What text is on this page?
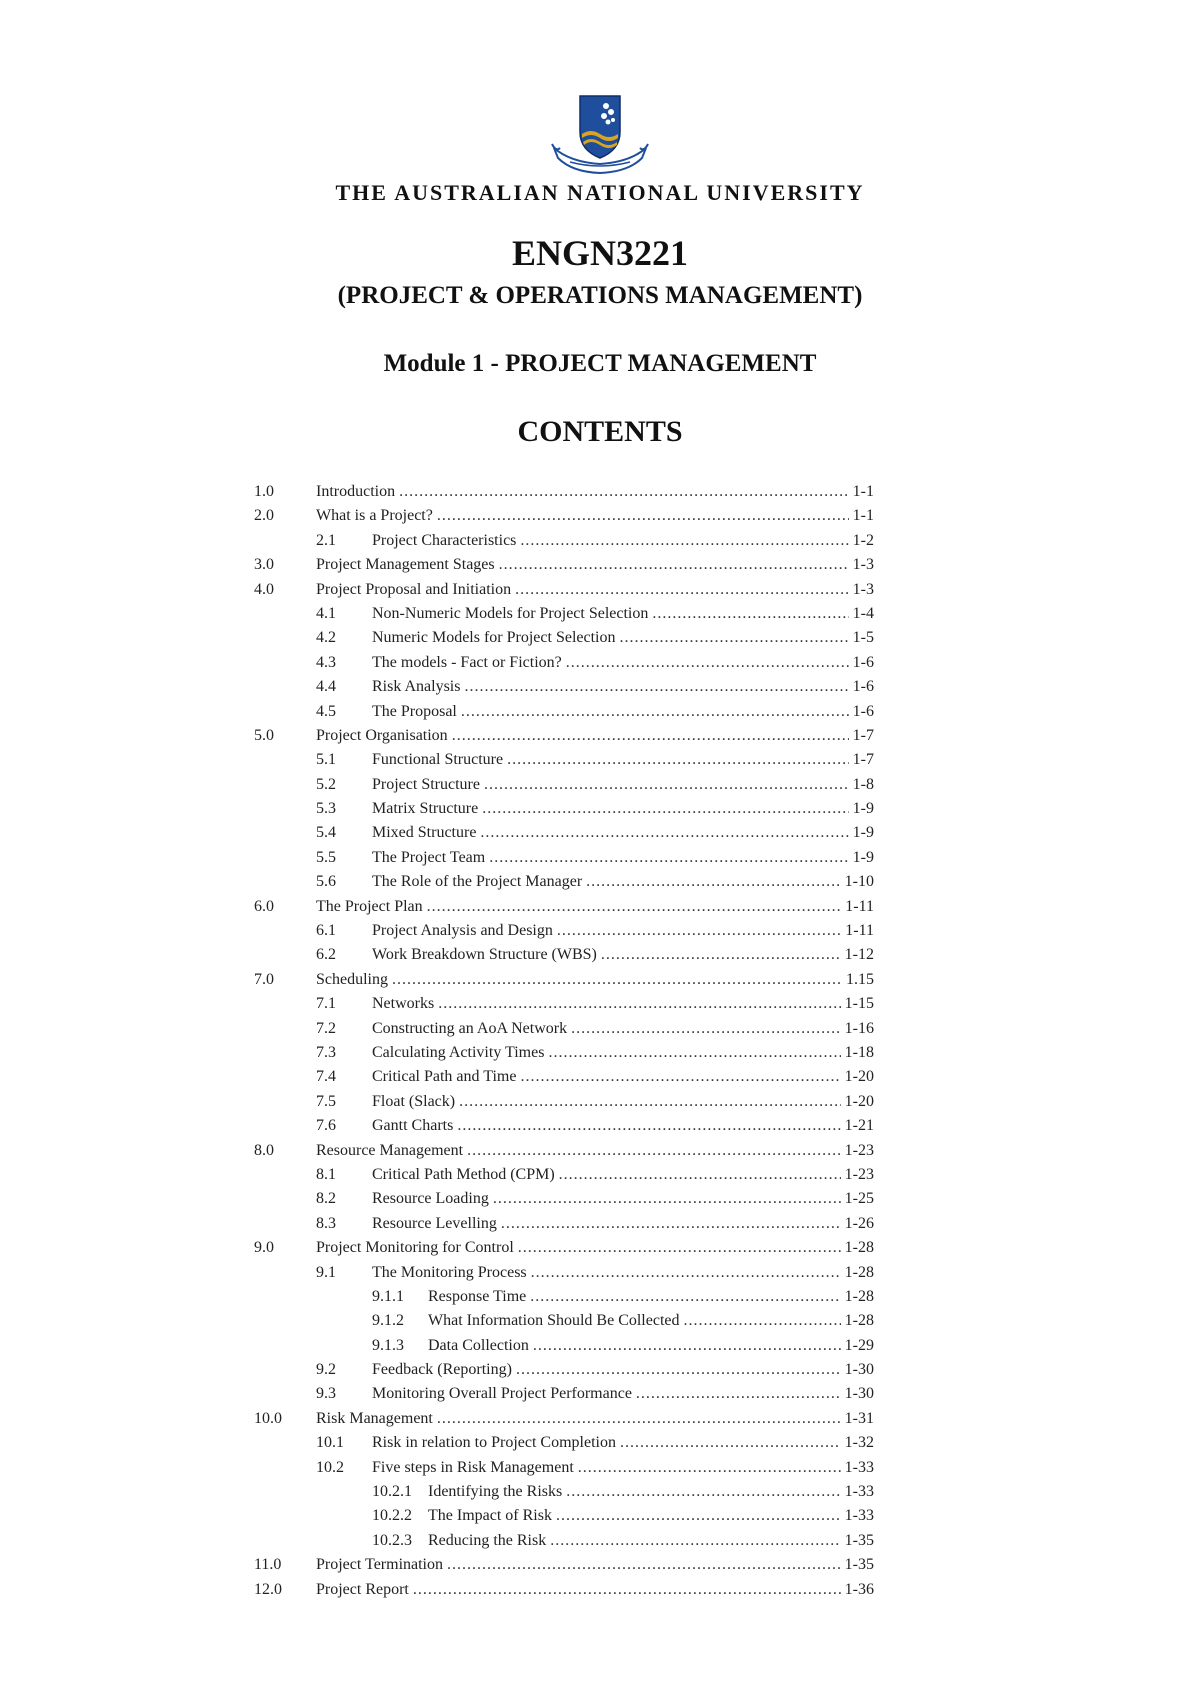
THE AUSTRALIAN NATIONAL UNIVERSITY
ENGN3221
(PROJECT & OPERATIONS MANAGEMENT)
Module 1 - PROJECT MANAGEMENT
CONTENTS
1.0	Introduction .....	1-1
2.0	What is a Project? .....	1-1
2.1 Project Characteristics .....	1-2
3.0	Project Management Stages .....	1-3
4.0	Project Proposal and Initiation .....	1-3
4.1 Non-Numeric Models for Project Selection .....	1-4
4.2 Numeric Models for Project Selection .....	1-5
4.3 The models - Fact or Fiction? .....	1-6
4.4 Risk Analysis .....	1-6
4.5 The Proposal .....	1-6
5.0	Project Organisation .....	1-7
5.1 Functional Structure .....	1-7
5.2 Project Structure .....	1-8
5.3 Matrix Structure .....	1-9
5.4 Mixed Structure .....	1-9
5.5 The Project Team .....	1-9
5.6 The Role of the Project Manager .....	1-10
6.0	The Project Plan .....	1-11
6.1 Project Analysis and Design .....	1-11
6.2 Work Breakdown Structure (WBS) .....	1-12
7.0	Scheduling .....	1.15
7.1 Networks .....	1-15
7.2 Constructing an AoA Network .....	1-16
7.3 Calculating Activity Times .....	1-18
7.4 Critical Path and Time .....	1-20
7.5 Float (Slack) .....	1-20
7.6 Gantt Charts .....	1-21
8.0	Resource Management .....	1-23
8.1 Critical Path Method (CPM) .....	1-23
8.2 Resource Loading .....	1-25
8.3 Resource Levelling .....	1-26
9.0	Project Monitoring for Control .....	1-28
9.1 The Monitoring Process .....	1-28
9.1.1 Response Time .....	1-28
9.1.2 What Information Should Be Collected .....	1-28
9.1.3 Data Collection .....	1-29
9.2 Feedback (Reporting) .....	1-30
9.3 Monitoring Overall Project Performance .....	1-30
10.0 Risk Management .....	1-31
10.1 Risk in relation to Project Completion .....	1-32
10.2 Five steps in Risk Management .....	1-33
10.2.1 Identifying the Risks .....	1-33
10.2.2 The Impact of Risk .....	1-33
10.2.3 Reducing the Risk .....	1-35
11.0 Project Termination .....	1-35
12.0 Project Report .....	1-36
